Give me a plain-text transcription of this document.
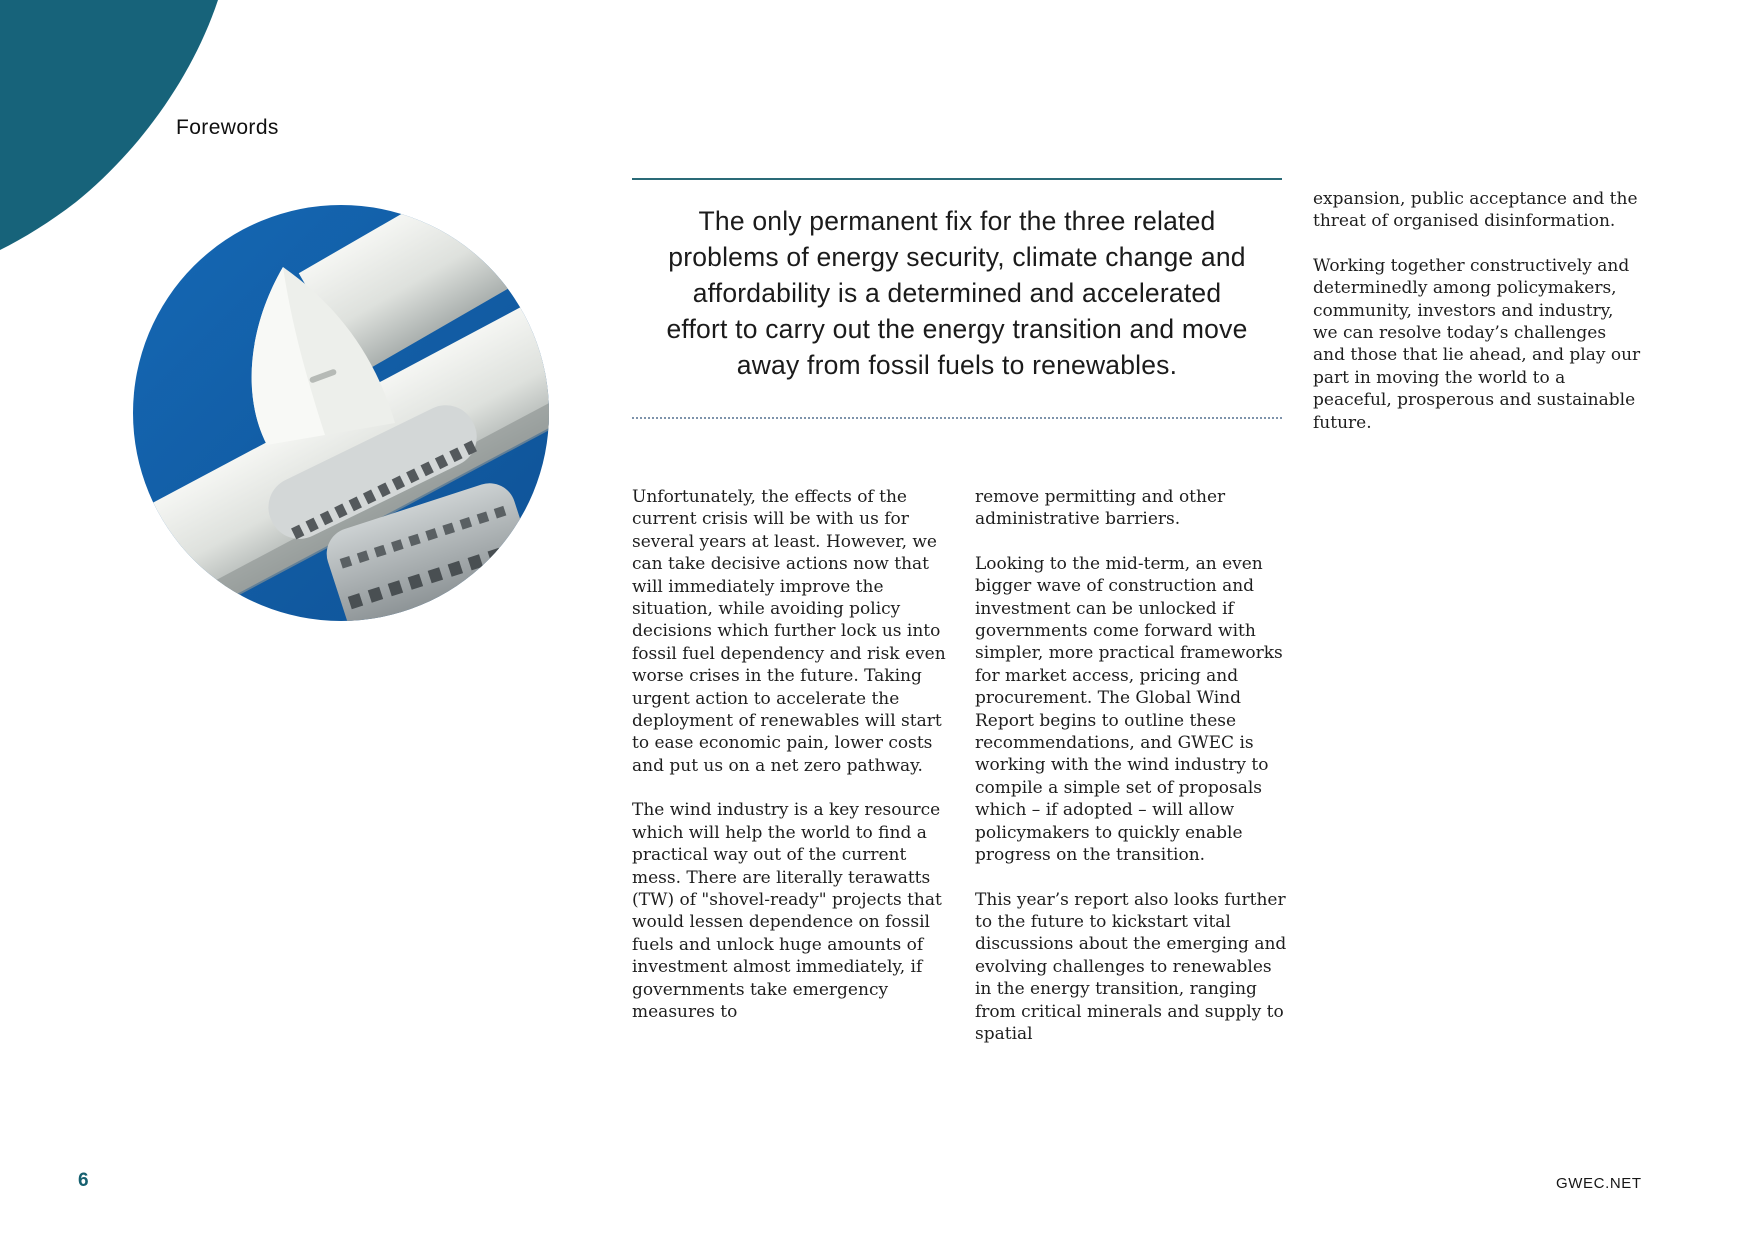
Forewords
The only permanent fix for the three related
problems of energy security, climate change and
affordability is a determined and accelerated
effort to carry out the energy transition and move
away from fossil fuels to renewables.

Unfortunately, the effects of the current crisis will be with us for several years at least. However, we can take decisive actions now that will immediately improve the situation, while avoiding policy decisions which further lock us into fossil fuel dependency and risk even worse crises in the future. Taking urgent action to accelerate the deployment of renewables will start to ease economic pain, lower costs and put us on a net zero pathway.

The wind industry is a key resource which will help the world to find a practical way out of the current mess. There are literally terawatts (TW) of "shovel-ready" projects that would lessen dependence on fossil fuels and unlock huge amounts of investment almost immediately, if governments take emergency measures to

remove permitting and other administrative barriers.

Looking to the mid-term, an even bigger wave of construction and investment can be unlocked if governments come forward with simpler, more practical frameworks for market access, pricing and procurement. The Global Wind Report begins to outline these recommendations, and GWEC is working with the wind industry to compile a simple set of proposals which – if adopted – will allow policymakers to quickly enable progress on the transition.

This year’s report also looks further to the future to kickstart vital discussions about the emerging and evolving challenges to renewables in the energy transition, ranging from critical minerals and supply to spatial

expansion, public acceptance and the threat of organised disinformation.

Working together constructively and determinedly among policymakers, community, investors and industry, we can resolve today’s challenges and those that lie ahead, and play our part in moving the world to a peaceful, prosperous and sustainable future.

6	GWEC.NET
